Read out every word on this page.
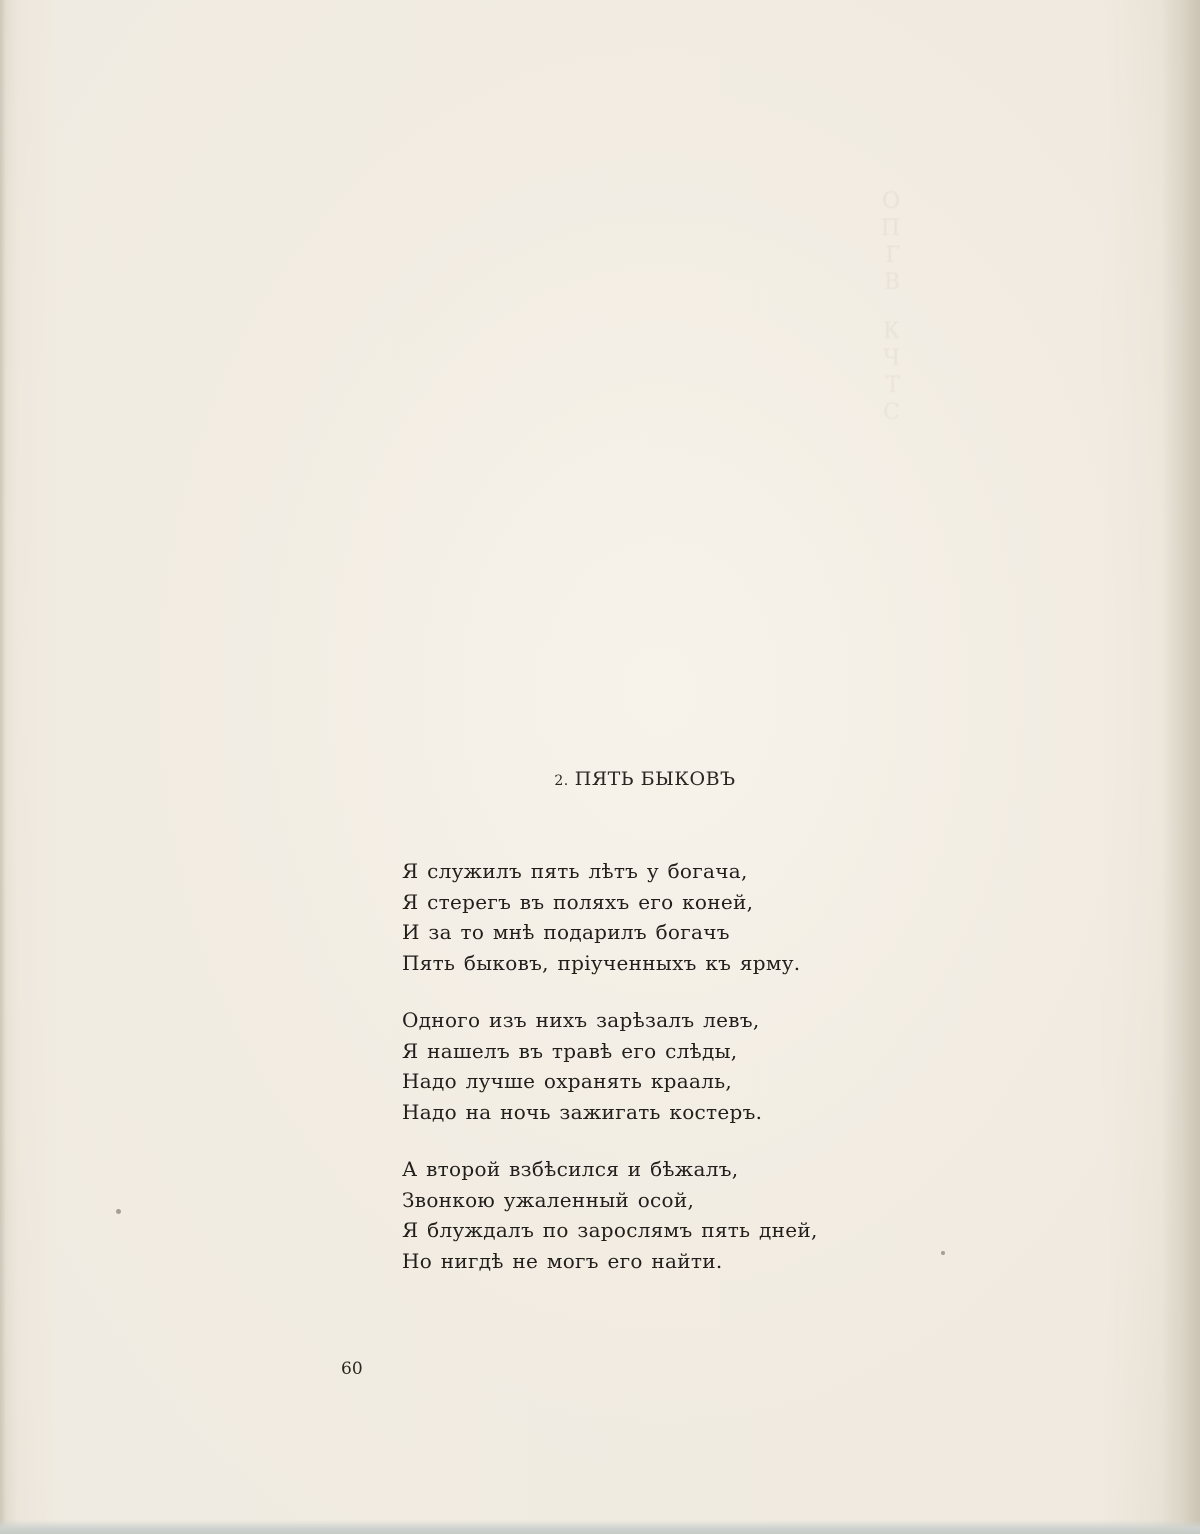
О
П
Г
В
К
Ч
Т
С
2. ПЯТЬ БЫКОВЪ

Я служилъ пять лѣтъ у богача,
Я стерегъ въ поляхъ его коней,
И за то мнѣ подарилъ богачъ
Пять быковъ, пріученныхъ къ ярму.

Одного изъ нихъ зарѣзалъ левъ,
Я нашелъ въ травѣ его слѣды,
Надо лучше охранять крааль,
Надо на ночь зажигать костеръ.

А второй взбѣсился и бѣжалъ,
Звонкою ужаленный осой,
Я блуждалъ по зарослямъ пять дней,
Но нигдѣ не могъ его найти.

60
